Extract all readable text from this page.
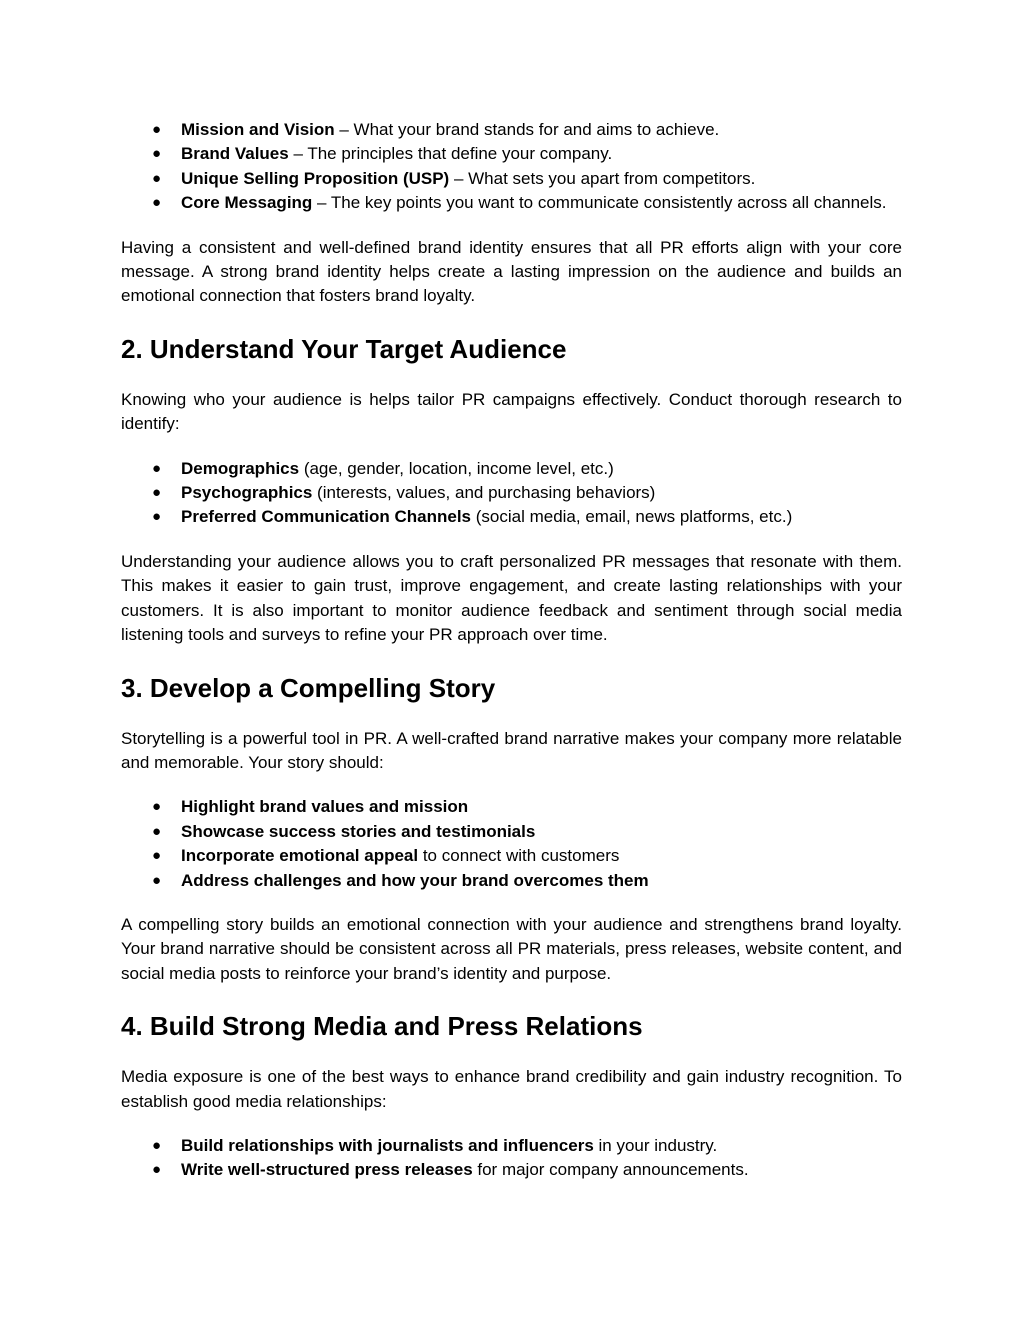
● Mission and Vision – What your brand stands for and aims to achieve.
● Brand Values – The principles that define your company.
● Unique Selling Proposition (USP) – What sets you apart from competitors.
● Core Messaging – The key points you want to communicate consistently across all channels.

Having a consistent and well-defined brand identity ensures that all PR efforts align with your core message. A strong brand identity helps create a lasting impression on the audience and builds an emotional connection that fosters brand loyalty.

2. Understand Your Target Audience

Knowing who your audience is helps tailor PR campaigns effectively. Conduct thorough research to identify:

● Demographics (age, gender, location, income level, etc.)
● Psychographics (interests, values, and purchasing behaviors)
● Preferred Communication Channels (social media, email, news platforms, etc.)

Understanding your audience allows you to craft personalized PR messages that resonate with them. This makes it easier to gain trust, improve engagement, and create lasting relationships with your customers. It is also important to monitor audience feedback and sentiment through social media listening tools and surveys to refine your PR approach over time.

3. Develop a Compelling Story

Storytelling is a powerful tool in PR. A well-crafted brand narrative makes your company more relatable and memorable. Your story should:

● Highlight brand values and mission
● Showcase success stories and testimonials
● Incorporate emotional appeal to connect with customers
● Address challenges and how your brand overcomes them

A compelling story builds an emotional connection with your audience and strengthens brand loyalty. Your brand narrative should be consistent across all PR materials, press releases, website content, and social media posts to reinforce your brand’s identity and purpose.

4. Build Strong Media and Press Relations

Media exposure is one of the best ways to enhance brand credibility and gain industry recognition. To establish good media relationships:

● Build relationships with journalists and influencers in your industry.
● Write well-structured press releases for major company announcements.
